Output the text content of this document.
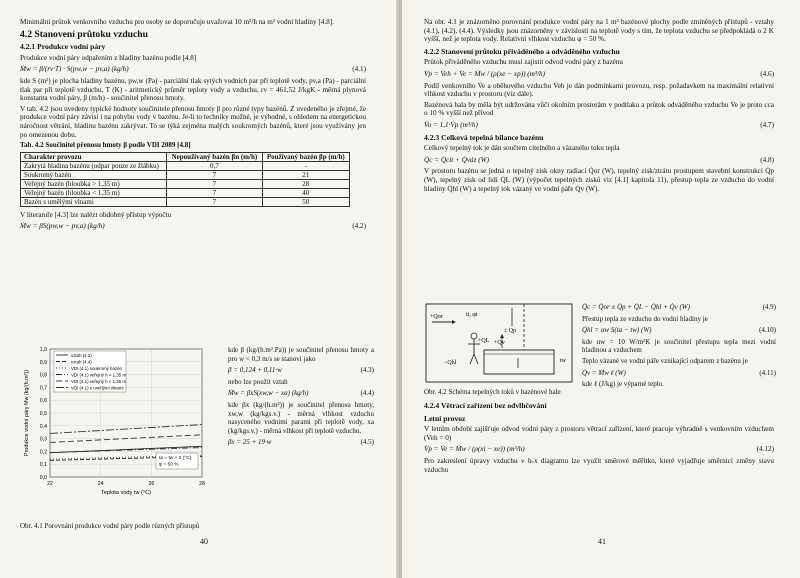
Minimální průtok venkovního vzduchu pro osoby se doporučuje uvažovat 10 m³/h na m² vodní hladiny [4.8].

4.2 Stanovení průtoku vzduchu
4.2.1 Produkce vodní páry

Produkce vodní páry odpařením z hladiny bazénu podle [4.8]

Ṁw = β/(rv·T) · S(pw,w − pv,a) (kg/h)	(4.1)

kde S (m²) je plocha hladiny bazénu, pw,w (Pa) - parciální tlak sytých vodních par při teplotě vody, pv,a (Pa) - parciální tlak par při teplotě vzduchu, T (K) - aritmetický průměr teploty vody a vzduchu, rv = 461,52 J/kgK - měrná plynová konstanta vodní páry, β (m/h) - součinitel přenosu hmoty.

V tab. 4.2 jsou uvedeny typické hodnoty součinitele přenosu hmoty β pro různé typy bazénů. Z uvedeného je zřejmé, že produkce vodní páry závisí i na pohybu vody v bazénu. Je-li to techniky možné, je výhodné, s ohledem na energetickou náročnost větrání, hladinu bazénu zakrývat. To se týká zejména malých soukromých bazénů, které jsou využívány jen po omezenou dobu.

Tab. 4.2 Součinitel přenosu hmoty β podle VDI 2089 [4.8]
Charakter provozu	Nepoužívaný bazén βn (m/h)	Používaný bazén βp (m/h)
Zakrytá hladina bazénu (odpar pouze ze žlábku)	0,7	-
Soukromý bazén	7	21
Veřejný bazén (hloubka > 1,35 m)	7	28
Veřejný bazén (hloubka < 1,35 m)	7	40
Bazén s umělými vlnami	7	50

V literatuře [4.3] lze nalézt obdobný přístup výpočtu

Ṁw = βS(pw,w − pv,a) (kg/h)	(4.2)
0,0
0,1
0,2
0,3
0,4
0,5
0,6
0,7
0,8
0,9
1,0
22	24	26	28
vztah (4.2)
vztah (4.4)
VDI (4.1) soukromý bazén
VDI (4.1) veřejný h > 1,35 m
VDI (4.1) veřejný h < 1,35 m
VDI (4.1) s umělými vlnami
ta = tw + 2 (°C)
φ = 50 %
Teplota vody tw (°C)
Produkce vodní páry Mw (kg/(h.m²))

kde β (kg/(h.m².Pa)) je součinitel přenosu hmoty a pro w < 0,3 m/s se stanoví jako

β = 0,124 + 0,11·w	(4.3)

nebo lze použít vztah

Ṁw = βxS(xw,w − xa) (kg/h)	(4.4)

kde βx (kg/(h.m²)) je součinitel přenosu hmoty, xw,w (kg/kgs.v.) - měrná vlhkost vzduchu nasyceného vodními parami při teplotě vody, xa (kg/kgs.v.) - měrná vlhkost při teplotě vzduchu.

βx = 25 + 19·w	(4.5)
Obr. 4.1 Porovnání produkce vodní páry podle různých přístupů
40

Na obr. 4.1 je znázorněno porovnání produkce vodní páry na 1 m² bazénové plochy podle zmíněných přístupů - vztahy (4.1), (4.2), (4.4). Výsledky jsou znázorněny v závislosti na teplotě vody s tím, že teplota vzduchu se předpokládá o 2 K vyšší, než je teplota vody. Relativní vlhkost vzduchu φ = 50 %.

4.2.2 Stanovení průtoku přiváděného a odváděného vzduchu

Průtok přiváděného vzduchu musí zajistit odvod vodní páry z bazénu

V̇p = V̇eh + V̇e = Ṁw / (ρ(xe − xp)) (m³/h)	(4.6)

Podíl venkovního V̇e a oběhového vzduchu V̇eh je dán podmínkami provozu, resp. požadavkem na maximální relativní vlhkost vzduchu v prostoru (viz dále).

Bazénová hala by měla být udržována vůči okolním prostorám v podtlaku a průtok odváděného vzduchu V̇e je proto cca o 10 % vyšší než přívod

V̇o = 1,1·V̇p (m³/h)	(4.7)
4.2.3 Celková tepelná bilance bazénu

Celkový tepelný tok je dán součtem citelného a vázaného toku tepla

Q̇c = Q̇cit + Q̇váz (W)	(4.8)

V prostoru bazénu se jedná o tepelný zisk okny radiací Q̇or (W), tepelný zisk/ztrátu prostupem stavební konstrukcí Q̇p (W), tepelný zisk od lidí Q̇L (W) (výpočet tepelných zisků viz [4.1] kapitola 11), přestup tepla ze vzduchu do vodní hladiny Q̇hl (W) a tepelný tok vázaný ve vodní páře Q̇v (W).

+Qor	ti, φi
± Qp
+Qv
+QL
−Qhl	tw
Q̇c = Q̇or ± Q̇p + Q̇L − Q̇hl + Q̇v (W)	(4.9)

Přestup tepla ze vzduchu do vodní hladiny je

Q̇hl = αw S(ta − tw) (W)	(4.10)

kde αw = 10 W/m²K je součinitel přestupu tepla mezi vodní hladinou a vzduchem

Teplo vázané ve vodní páře vznikající odparem z bazénu je

Q̇v = Ṁw ℓ (W)	(4.11)

kde ℓ (J/kg) je výparné teplo.

Obr. 4.2 Schéma tepelných toků v bazénové hale
4.2.4 Větrací zařízení bez odvlhčování
Letní provoz

V letním období zajišťuje odvod vodní páry z prostoru větrací zařízení, které pracuje výhradně s venkovním vzduchem (V̇eh = 0)

V̇p = V̇e = Ṁw / (ρ(xi − xe)) (m³/h)	(4.12)

Pro zakreslení úpravy vzduchu v h-x diagramu lze využít směrové měřítko, které vyjadřuje směrnicí změny stavu vzduchu

41
